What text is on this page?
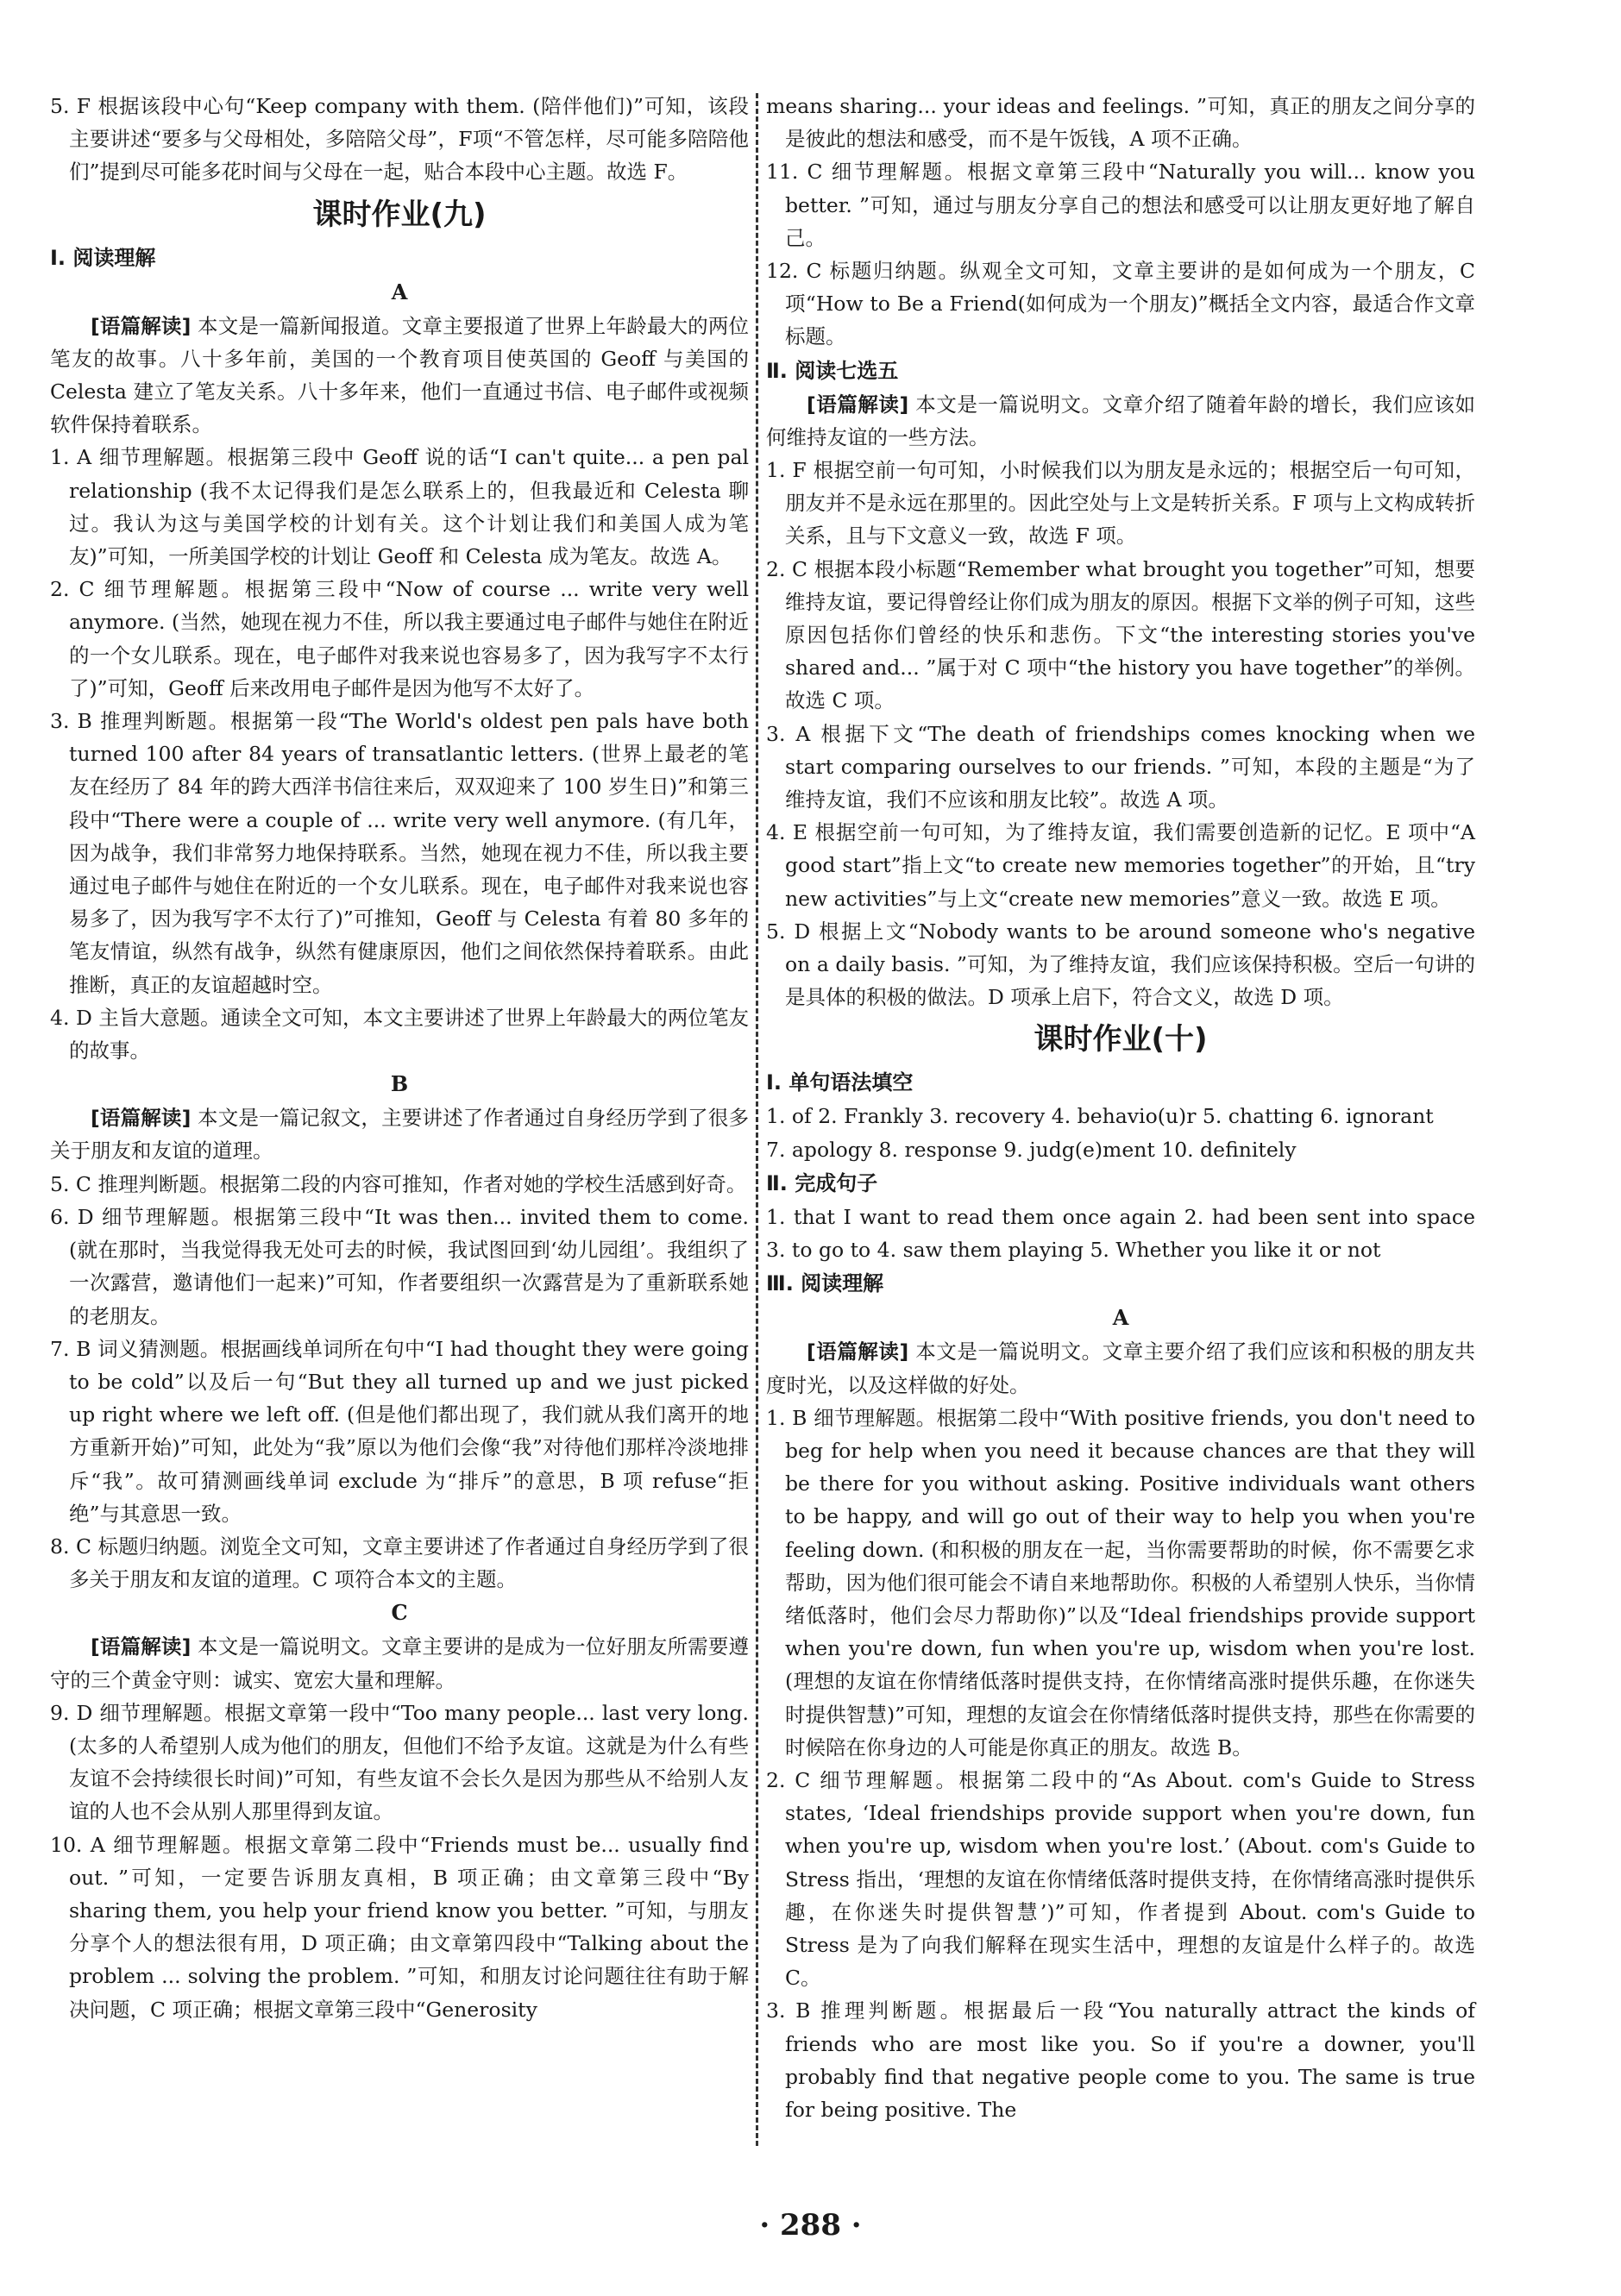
5. F 根据该段中心句“Keep company with them. (陪伴他们)”可知，该段主要讲述“要多与父母相处，多陪陪父母”，F项“不管怎样，尽可能多陪陪他们”提到尽可能多花时间与父母在一起，贴合本段中心主题。故选 F。

课时作业(九)

Ⅰ. 阅读理解

A

[语篇解读] 本文是一篇新闻报道。文章主要报道了世界上年龄最大的两位笔友的故事。八十多年前，美国的一个教育项目使英国的 Geoff 与美国的 Celesta 建立了笔友关系。八十多年来，他们一直通过书信、电子邮件或视频软件保持着联系。

1. A 细节理解题。根据第三段中 Geoff 说的话“I can't quite... a pen pal relationship (我不太记得我们是怎么联系上的，但我最近和 Celesta 聊过。我认为这与美国学校的计划有关。这个计划让我们和美国人成为笔友)”可知，一所美国学校的计划让 Geoff 和 Celesta 成为笔友。故选 A。

2. C 细节理解题。根据第三段中“Now of course ... write very well anymore. (当然，她现在视力不佳，所以我主要通过电子邮件与她住在附近的一个女儿联系。现在，电子邮件对我来说也容易多了，因为我写字不太行了)”可知，Geoff 后来改用电子邮件是因为他写不太好了。

3. B 推理判断题。根据第一段“The World's oldest pen pals have both turned 100 after 84 years of transatlantic letters. (世界上最老的笔友在经历了 84 年的跨大西洋书信往来后，双双迎来了 100 岁生日)”和第三段中“There were a couple of ... write very well anymore. (有几年，因为战争，我们非常努力地保持联系。当然，她现在视力不佳，所以我主要通过电子邮件与她住在附近的一个女儿联系。现在，电子邮件对我来说也容易多了，因为我写字不太行了)”可推知，Geoff 与 Celesta 有着 80 多年的笔友情谊，纵然有战争，纵然有健康原因，他们之间依然保持着联系。由此推断，真正的友谊超越时空。

4. D 主旨大意题。通读全文可知，本文主要讲述了世界上年龄最大的两位笔友的故事。

B

[语篇解读] 本文是一篇记叙文，主要讲述了作者通过自身经历学到了很多关于朋友和友谊的道理。

5. C 推理判断题。根据第二段的内容可推知，作者对她的学校生活感到好奇。

6. D 细节理解题。根据第三段中“It was then... invited them to come. (就在那时，当我觉得我无处可去的时候，我试图回到‘幼儿园组’。我组织了一次露营，邀请他们一起来)”可知，作者要组织一次露营是为了重新联系她的老朋友。

7. B 词义猜测题。根据画线单词所在句中“I had thought they were going to be cold”以及后一句“But they all turned up and we just picked up right where we left off. (但是他们都出现了，我们就从我们离开的地方重新开始)”可知，此处为“我”原以为他们会像“我”对待他们那样冷淡地排斥“我”。故可猜测画线单词 exclude 为“排斥”的意思，B 项 refuse“拒绝”与其意思一致。

8. C 标题归纳题。浏览全文可知，文章主要讲述了作者通过自身经历学到了很多关于朋友和友谊的道理。C 项符合本文的主题。

C

[语篇解读] 本文是一篇说明文。文章主要讲的是成为一位好朋友所需要遵守的三个黄金守则：诚实、宽宏大量和理解。

9. D 细节理解题。根据文章第一段中“Too many people... last very long. (太多的人希望别人成为他们的朋友，但他们不给予友谊。这就是为什么有些友谊不会持续很长时间)”可知，有些友谊不会长久是因为那些从不给别人友谊的人也不会从别人那里得到友谊。

10. A 细节理解题。根据文章第二段中“Friends must be... usually find out. ”可知，一定要告诉朋友真相，B 项正确；由文章第三段中“By sharing them, you help your friend know you better. ”可知，与朋友分享个人的想法很有用，D 项正确；由文章第四段中“Talking about the problem ... solving the problem. ”可知，和朋友讨论问题往往有助于解决问题，C 项正确；根据文章第三段中“Generosity

means sharing... your ideas and feelings. ”可知，真正的朋友之间分享的是彼此的想法和感受，而不是午饭钱，A 项不正确。

11. C 细节理解题。根据文章第三段中“Naturally you will... know you better. ”可知，通过与朋友分享自己的想法和感受可以让朋友更好地了解自己。

12. C 标题归纳题。纵观全文可知，文章主要讲的是如何成为一个朋友，C 项“How to Be a Friend(如何成为一个朋友)”概括全文内容，最适合作文章标题。

Ⅱ. 阅读七选五

[语篇解读] 本文是一篇说明文。文章介绍了随着年龄的增长，我们应该如何维持友谊的一些方法。

1. F 根据空前一句可知，小时候我们以为朋友是永远的；根据空后一句可知，朋友并不是永远在那里的。因此空处与上文是转折关系。F 项与上文构成转折关系，且与下文意义一致，故选 F 项。

2. C 根据本段小标题“Remember what brought you together”可知，想要维持友谊，要记得曾经让你们成为朋友的原因。根据下文举的例子可知，这些原因包括你们曾经的快乐和悲伤。下文“the interesting stories you've shared and... ”属于对 C 项中“the history you have together”的举例。故选 C 项。

3. A 根据下文“The death of friendships comes knocking when we start comparing ourselves to our friends. ”可知，本段的主题是“为了维持友谊，我们不应该和朋友比较”。故选 A 项。

4. E 根据空前一句可知，为了维持友谊，我们需要创造新的记忆。E 项中“A good start”指上文“to create new memories together”的开始，且“try new activities”与上文“create new memories”意义一致。故选 E 项。

5. D 根据上文“Nobody wants to be around someone who's negative on a daily basis. ”可知，为了维持友谊，我们应该保持积极。空后一句讲的是具体的积极的做法。D 项承上启下，符合文义，故选 D 项。

课时作业(十)

Ⅰ. 单句语法填空

1. of 2. Frankly 3. recovery 4. behavio(u)r 5. chatting 6. ignorant

7. apology 8. response 9. judg(e)ment 10. definitely

Ⅱ. 完成句子

1. that I want to read them once again 2. had been sent into space 3. to go to 4. saw them playing 5. Whether you like it or not

Ⅲ. 阅读理解

A

[语篇解读] 本文是一篇说明文。文章主要介绍了我们应该和积极的朋友共度时光，以及这样做的好处。

1. B 细节理解题。根据第二段中“With positive friends, you don't need to beg for help when you need it because chances are that they will be there for you without asking. Positive individuals want others to be happy, and will go out of their way to help you when you're feeling down. (和积极的朋友在一起，当你需要帮助的时候，你不需要乞求帮助，因为他们很可能会不请自来地帮助你。积极的人希望别人快乐，当你情绪低落时，他们会尽力帮助你)”以及“Ideal friendships provide support when you're down, fun when you're up, wisdom when you're lost. (理想的友谊在你情绪低落时提供支持，在你情绪高涨时提供乐趣，在你迷失时提供智慧)”可知，理想的友谊会在你情绪低落时提供支持，那些在你需要的时候陪在你身边的人可能是你真正的朋友。故选 B。

2. C 细节理解题。根据第二段中的“As About. com's Guide to Stress states, ‘Ideal friendships provide support when you're down, fun when you're up, wisdom when you're lost.’ (About. com's Guide to Stress 指出，‘理想的友谊在你情绪低落时提供支持，在你情绪高涨时提供乐趣，在你迷失时提供智慧’)”可知，作者提到 About. com's Guide to Stress 是为了向我们解释在现实生活中，理想的友谊是什么样子的。故选 C。

3. B 推理判断题。根据最后一段“You naturally attract the kinds of friends who are most like you. So if you're a downer, you'll probably find that negative people come to you. The same is true for being positive. The

· 288 ·
